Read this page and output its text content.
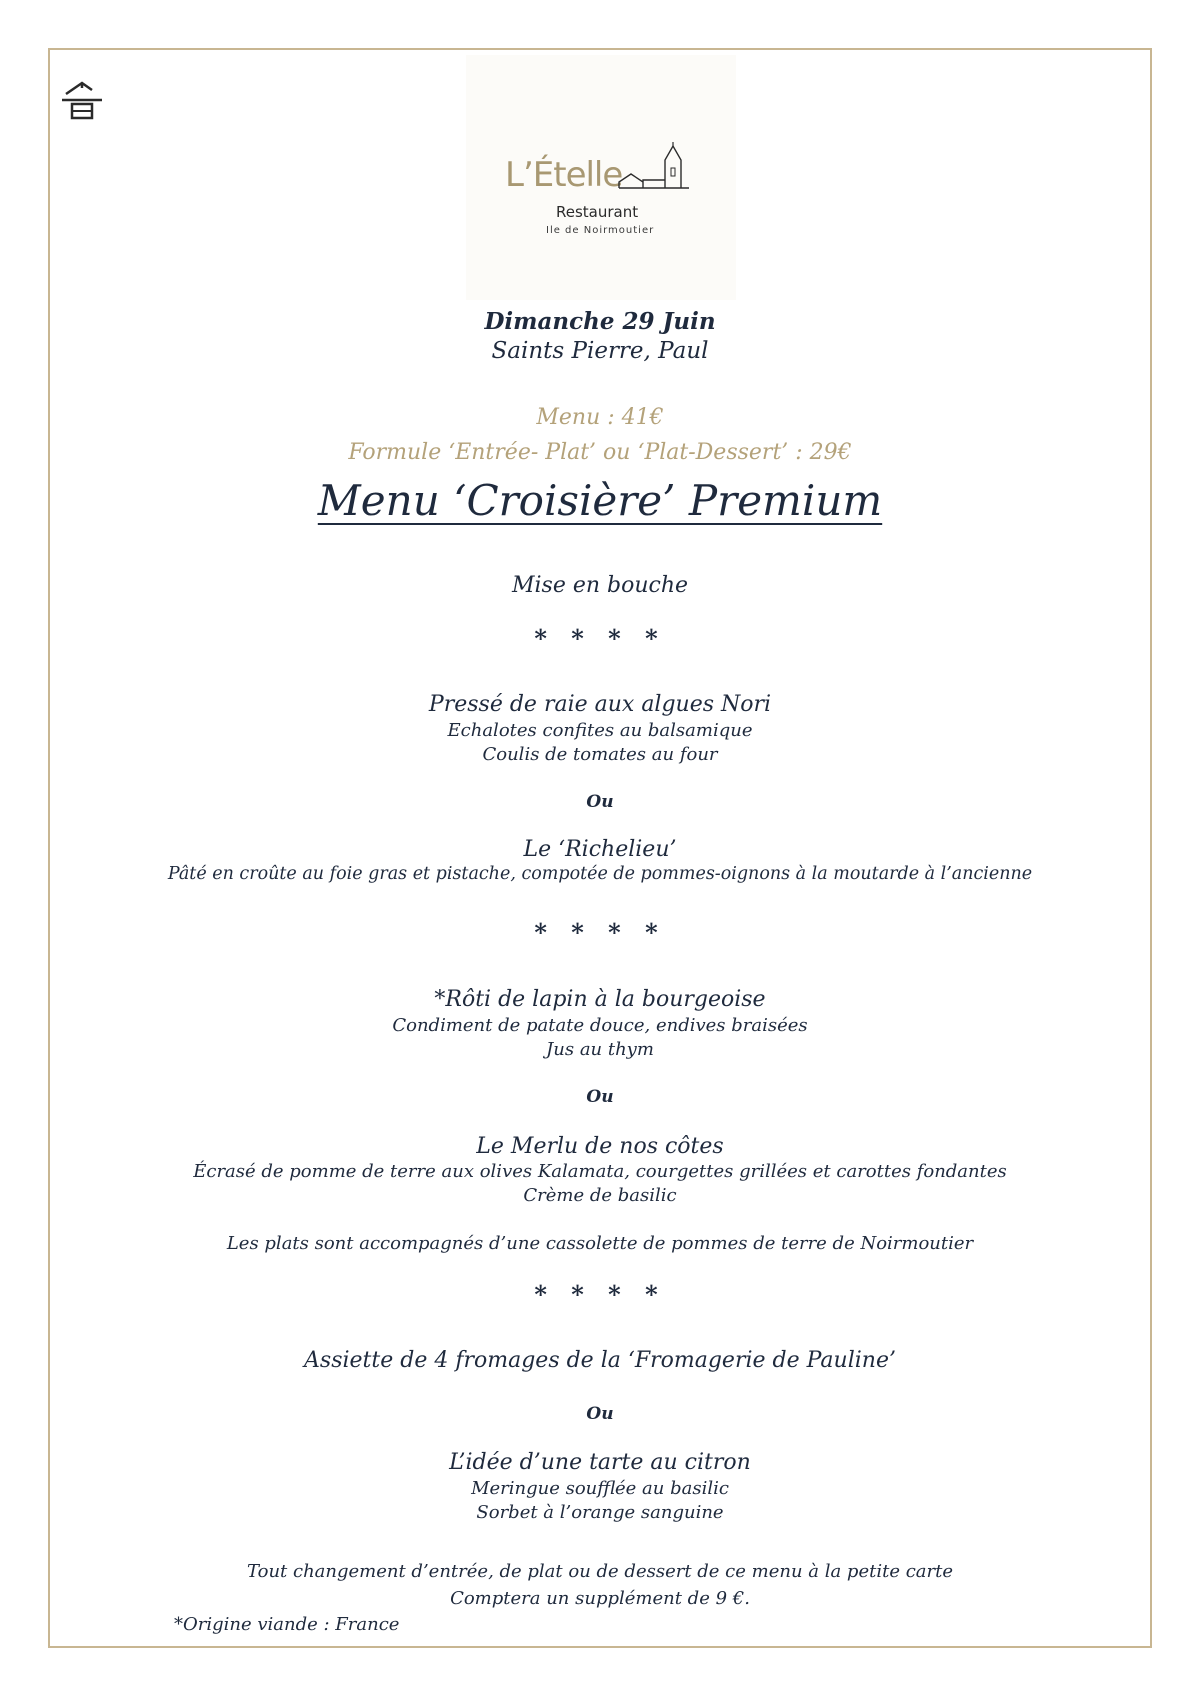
L’Ételle
Restaurant
Ile de Noirmoutier

Dimanche 29 Juin

Saints Pierre, Paul

Menu : 41€

Formule ‘Entrée- Plat’ ou ‘Plat-Dessert’ : 29€

Menu ‘Croisière’ Premium

Mise en bouche

* * * *

Pressé de raie aux algues Nori

Echalotes confites au balsamique

Coulis de tomates au four

Ou

Le ‘Richelieu’

Pâté en croûte au foie gras et pistache, compotée de pommes-oignons à la moutarde à l’ancienne

* * * *

*Rôti de lapin à la bourgeoise

Condiment de patate douce, endives braisées

Jus au thym

Ou

Le Merlu de nos côtes

Écrasé de pomme de terre aux olives Kalamata, courgettes grillées et carottes fondantes

Crème de basilic

Les plats sont accompagnés d’une cassolette de pommes de terre de Noirmoutier

* * * *

Assiette de 4 fromages de la ‘Fromagerie de Pauline’

Ou

L’idée d’une tarte au citron

Meringue soufflée au basilic

Sorbet à l’orange sanguine

Tout changement d’entrée, de plat ou de dessert de ce menu à la petite carte

Comptera un supplément de 9 €.

*Origine viande : France
